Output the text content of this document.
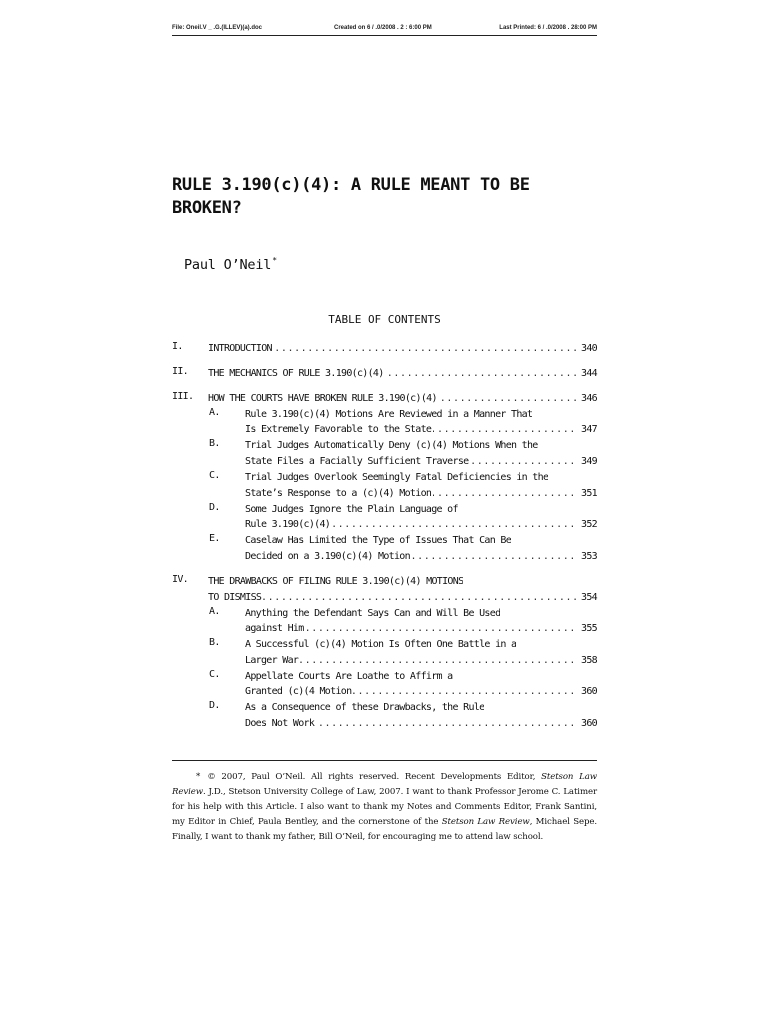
File: Oneil.V _ .G.(ILLEV)(a).doc	Created on 6 / .0/2008 . 2 : 6:00 PM	Last Printed: 6 / .0/2008 . 28:00 PM
RULE 3.190(c)(4): A RULE MEANT TO BE
BROKEN?
Paul O’Neil*
TABLE OF CONTENTS
I.	INTRODUCTION .....	340
II.	THE MECHANICS OF RULE 3.190(c)(4) .....	344
III.	HOW THE COURTS HAVE BROKEN RULE 3.190(c)(4) .....	346
A.	Rule 3.190(c)(4) Motions Are Reviewed in a Manner That
Is Extremely Favorable to the State .....	347
B.	Trial Judges Automatically Deny (c)(4) Motions When the
State Files a Facially Sufficient Traverse .....	349
C.	Trial Judges Overlook Seemingly Fatal Deficiencies in the
State’s Response to a (c)(4) Motion .....	351
D.	Some Judges Ignore the Plain Language of
Rule 3.190(c)(4) .....	352
E.	Caselaw Has Limited the Type of Issues That Can Be
Decided on a 3.190(c)(4) Motion .....	353
IV.	THE DRAWBACKS OF FILING RULE 3.190(c)(4) MOTIONS
TO DISMISS .....	354
A.	Anything the Defendant Says Can and Will Be Used
against Him .....	355
B.	A Successful (c)(4) Motion Is Often One Battle in a
Larger War .....	358
C.	Appellate Courts Are Loathe to Affirm a
Granted (c)(4 Motion .....	360
D.	As a Consequence of these Drawbacks, the Rule
Does Not Work .....	360

* © 2007, Paul O’Neil. All rights reserved. Recent Developments Editor, Stetson Law Review. J.D., Stetson University College of Law, 2007. I want to thank Professor Jerome C. Latimer for his help with this Article. I also want to thank my Notes and Comments Editor, Frank Santini, my Editor in Chief, Paula Bentley, and the cornerstone of the Stetson Law Review, Michael Sepe. Finally, I want to thank my father, Bill O’Neil, for encouraging me to attend law school.
